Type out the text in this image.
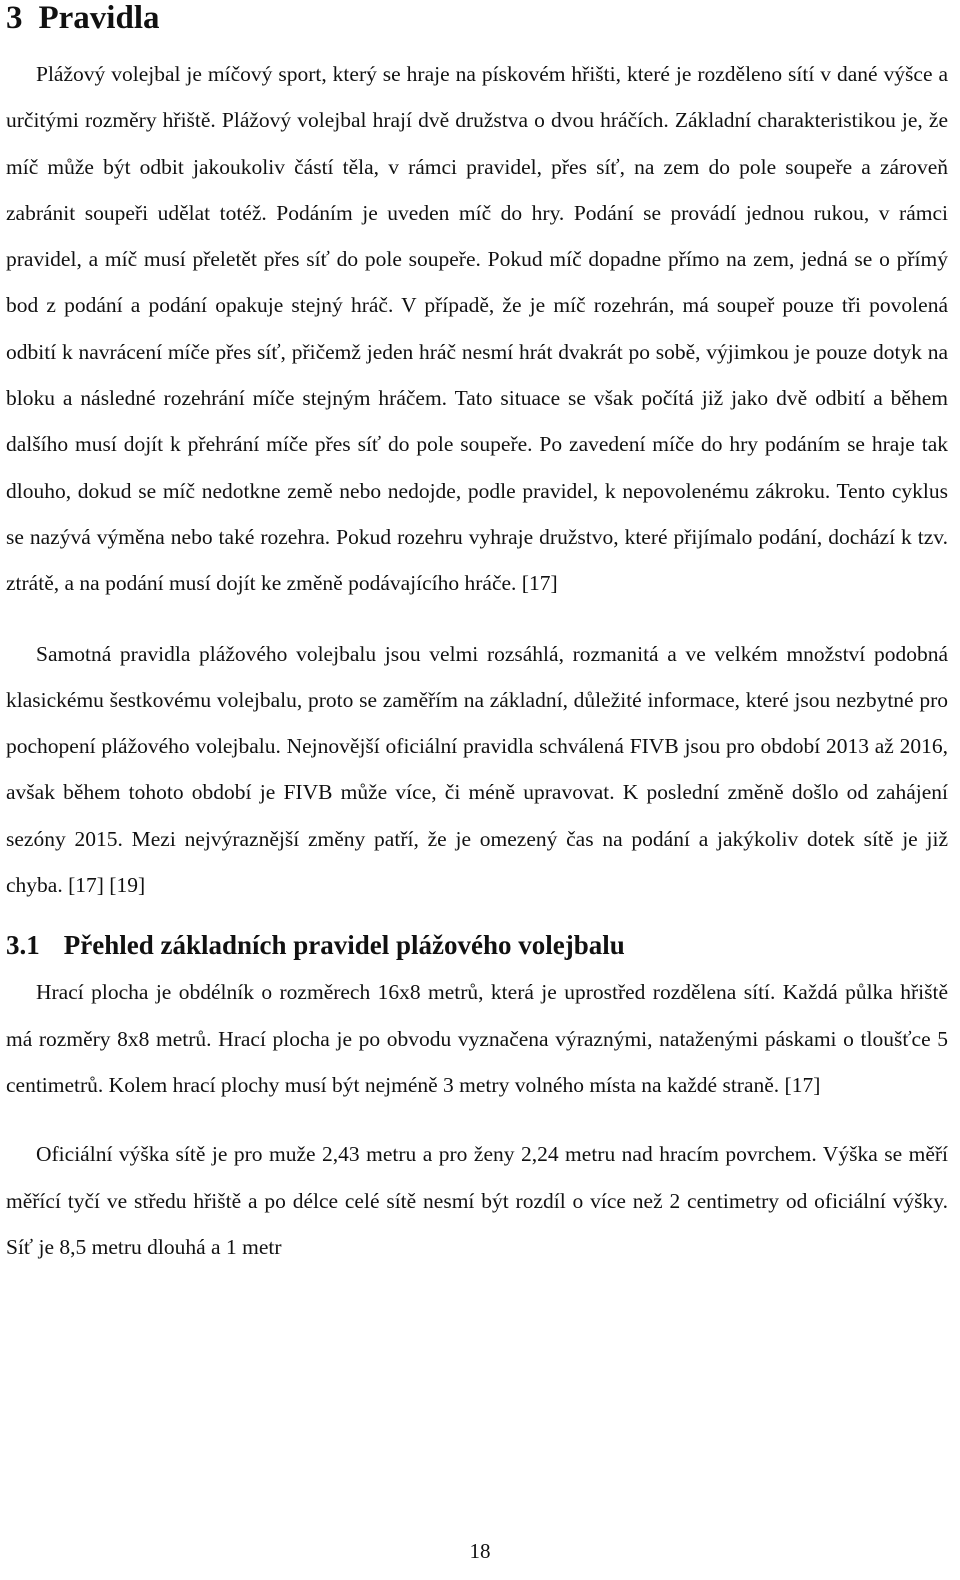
3 Pravidla

Plážový volejbal je míčový sport, který se hraje na pískovém hřišti, které je rozděleno sítí v dané výšce a určitými rozměry hřiště. Plážový volejbal hrají dvě družstva o dvou hráčích. Základní charakteristikou je, že míč může být odbit jakoukoliv částí těla, v rámci pravidel, přes síť, na zem do pole soupeře a zároveň zabránit soupeři udělat totéž. Podáním je uveden míč do hry. Podání se provádí jednou rukou, v rámci pravidel, a míč musí přeletět přes síť do pole soupeře. Pokud míč dopadne přímo na zem, jedná se o přímý bod z podání a podání opakuje stejný hráč. V případě, že je míč rozehrán, má soupeř pouze tři povolená odbití k navrácení míče přes síť, přičemž jeden hráč nesmí hrát dvakrát po sobě, výjimkou je pouze dotyk na bloku a následné rozehrání míče stejným hráčem. Tato situace se však počítá již jako dvě odbití a během dalšího musí dojít k přehrání míče přes síť do pole soupeře. Po zavedení míče do hry podáním se hraje tak dlouho, dokud se míč nedotkne země nebo nedojde, podle pravidel, k nepovolenému zákroku. Tento cyklus se nazývá výměna nebo také rozehra. Pokud rozehru vyhraje družstvo, které přijímalo podání, dochází k tzv. ztrátě, a na podání musí dojít ke změně podávajícího hráče. [17]

Samotná pravidla plážového volejbalu jsou velmi rozsáhlá, rozmanitá a ve velkém množství podobná klasickému šestkovému volejbalu, proto se zaměřím na základní, důležité informace, které jsou nezbytné pro pochopení plážového volejbalu. Nejnovější oficiální pravidla schválená FIVB jsou pro období 2013 až 2016, avšak během tohoto období je FIVB může více, či méně upravovat. K poslední změně došlo od zahájení sezóny 2015. Mezi nejvýraznější změny patří, že je omezený čas na podání a jakýkoliv dotek sítě je již chyba. [17] [19]

3.1 Přehled základních pravidel plážového volejbalu

Hrací plocha je obdélník o rozměrech 16x8 metrů, která je uprostřed rozdělena sítí. Každá půlka hřiště má rozměry 8x8 metrů. Hrací plocha je po obvodu vyznačena výraznými, nataženými páskami o tloušťce 5 centimetrů. Kolem hrací plochy musí být nejméně 3 metry volného místa na každé straně. [17]

Oficiální výška sítě je pro muže 2,43 metru a pro ženy 2,24 metru nad hracím povrchem. Výška se měří měřící tyčí ve středu hřiště a po délce celé sítě nesmí být rozdíl o více než 2 centimetry od oficiální výšky. Síť je 8,5 metru dlouhá a 1 metr

18
